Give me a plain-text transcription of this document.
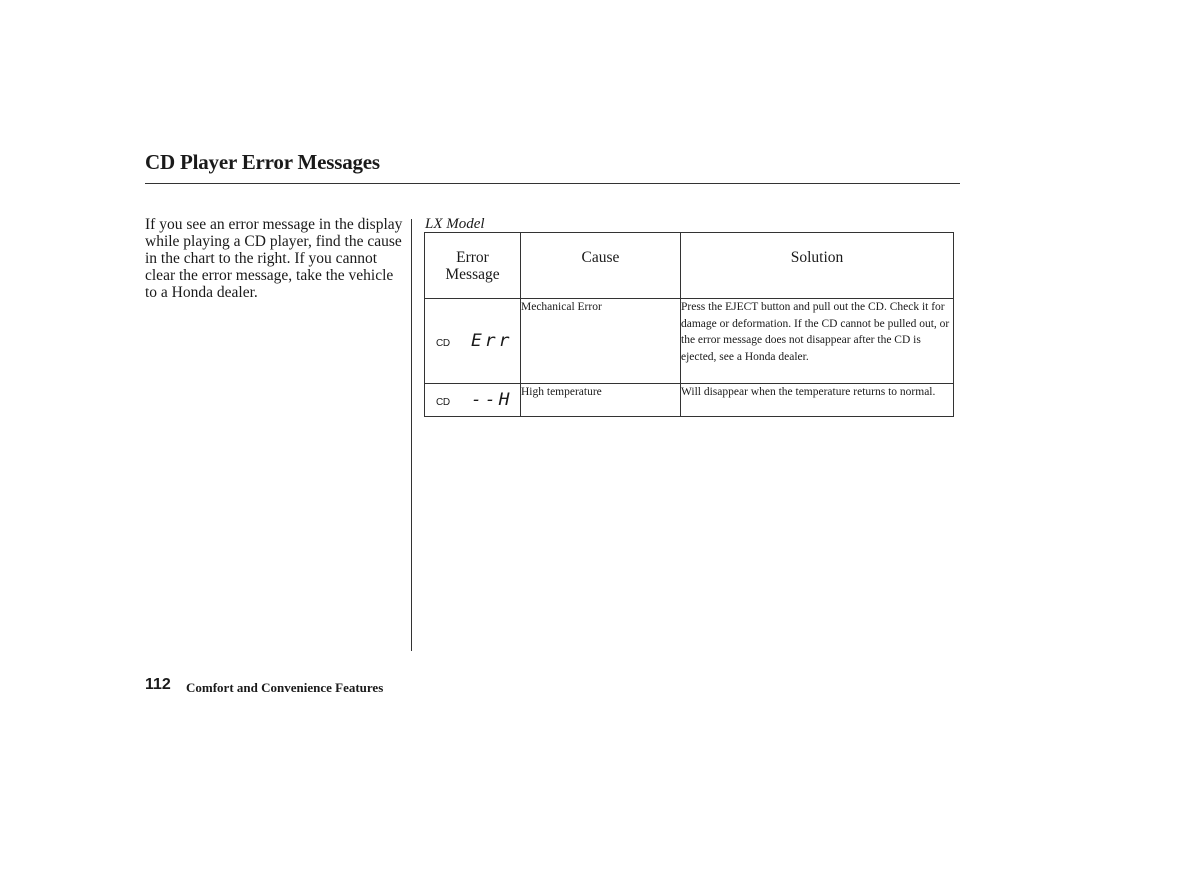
CD Player Error Messages
If you see an error message in the display while playing a CD player, find the cause in the chart to the right. If you cannot clear the error message, take the vehicle to a Honda dealer.
LX Model
Error
Message	Cause	Solution

CD Err	Mechanical Error	Press the EJECT button and pull out the CD. Check it for damage or deformation. If the CD cannot be pulled out, or the error message does not disappear after the CD is ejected, see a Honda dealer.

CD --H	High temperature	Will disappear when the temperature returns to normal.
112 Comfort and Convenience Features
